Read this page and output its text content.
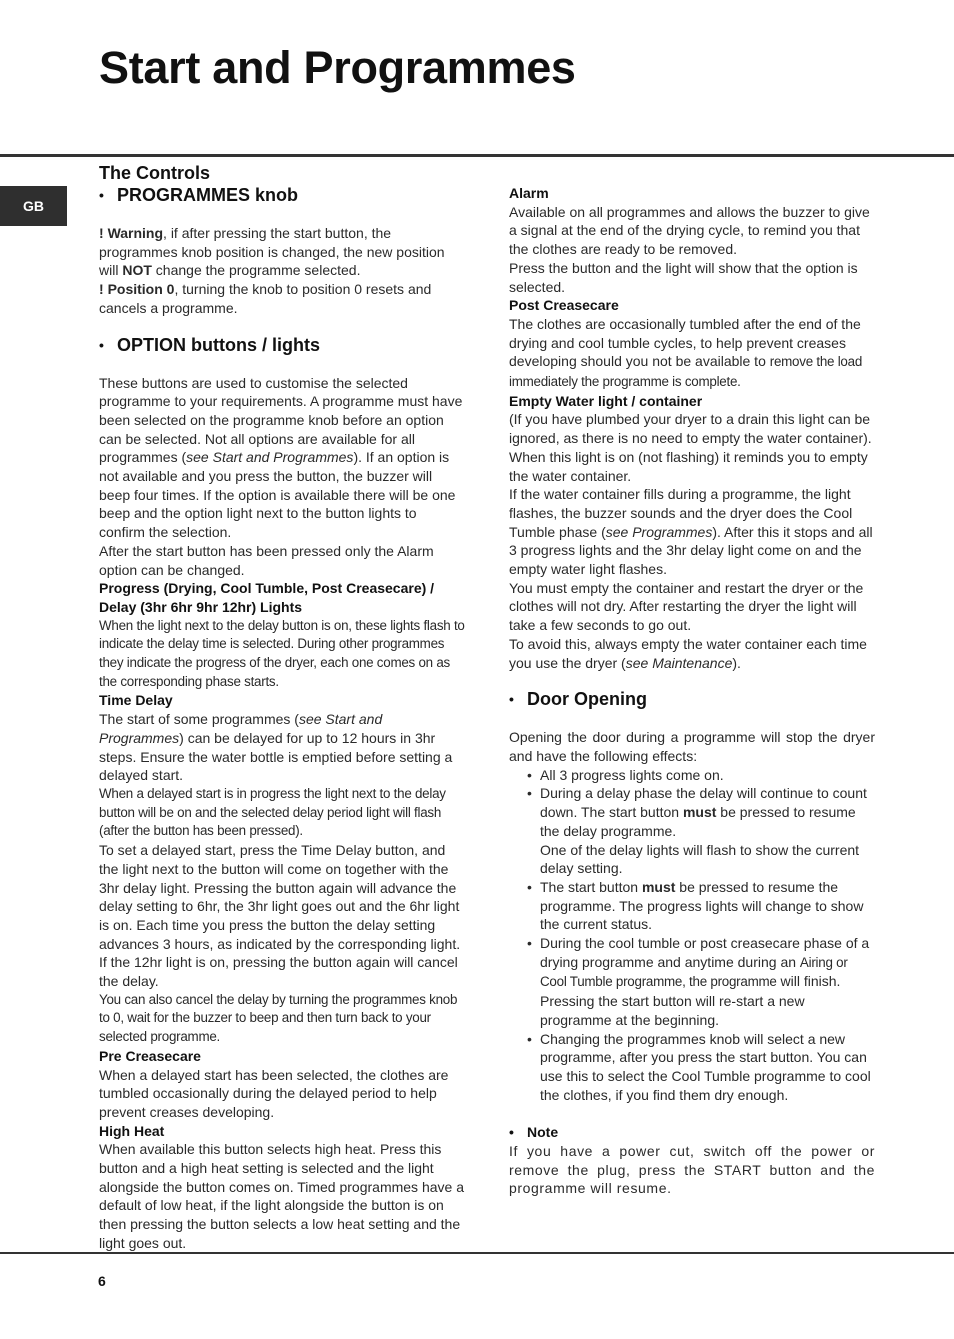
Start and Programmes
GB

The Controls

• PROGRAMMES knob

! Warning, if after pressing the start button, the programmes knob position is changed, the new position will NOT change the programme selected.

! Position 0, turning the knob to position 0 resets and cancels a programme.

• OPTION buttons / lights

These buttons are used to customise the selected programme to your requirements. A programme must have been selected on the programme knob before an option can be selected. Not all options are available for all programmes (see Start and Programmes). If an option is not available and you press the button, the buzzer will beep four times. If the option is available there will be one beep and the option light next to the button lights to confirm the selection.

After the start button has been pressed only the Alarm option can be changed.

Progress (Drying, Cool Tumble, Post Creasecare) / Delay (3hr 6hr 9hr 12hr) Lights

When the light next to the delay button is on, these lights flash to indicate the delay time is selected. During other programmes they indicate the progress of the dryer, each one comes on as the corresponding phase starts.

Time Delay

The start of some programmes (see Start and Programmes) can be delayed for up to 12 hours in 3hr steps. Ensure the water bottle is emptied before setting a delayed start.

When a delayed start is in progress the light next to the delay button will be on and the selected delay period light will flash (after the button has been pressed).

To set a delayed start, press the Time Delay button, and the light next to the button will come on together with the 3hr delay light. Pressing the button again will advance the delay setting to 6hr, the 3hr light goes out and the 6hr light is on. Each time you press the button the delay setting advances 3 hours, as indicated by the corresponding light. If the 12hr light is on, pressing the button again will cancel the delay.

You can also cancel the delay by turning the programmes knob to 0, wait for the buzzer to beep and then turn back to your selected programme.

Pre Creasecare

When a delayed start has been selected, the clothes are tumbled occasionally during the delayed period to help prevent creases developing.

High Heat

When available this button selects high heat. Press this button and a high heat setting is selected and the light alongside the button comes on. Timed programmes have a default of low heat, if the light alongside the button is on then pressing the button selects a low heat setting and the light goes out.

Alarm

Available on all programmes and allows the buzzer to give a signal at the end of the drying cycle, to remind you that the clothes are ready to be removed.

Press the button and the light will show that the option is selected.

Post Creasecare

The clothes are occasionally tumbled after the end of the drying and cool tumble cycles, to help prevent creases developing should you not be available to remove the load immediately the programme is complete.

Empty Water light / container

(If you have plumbed your dryer to a drain this light can be ignored, as there is no need to empty the water container).

When this light is on (not flashing) it reminds you to empty the water container.

If the water container fills during a programme, the light flashes, the buzzer sounds and the dryer does the Cool Tumble phase (see Programmes). After this it stops and all 3 progress lights and the 3hr delay light come on and the empty water light flashes.

You must empty the container and restart the dryer or the clothes will not dry. After restarting the dryer the light will take a few seconds to go out.

To avoid this, always empty the water container each time you use the dryer (see Maintenance).

• Door Opening

Opening the door during a programme will stop the dryer and have the following effects:

• All 3 progress lights come on.
• During a delay phase the delay will continue to count down. The start button must be pressed to resume the delay programme.
One of the delay lights will flash to show the current delay setting.
• The start button must be pressed to resume the programme. The progress lights will change to show the current status.
• During the cool tumble or post creasecare phase of a drying programme and anytime during an Airing or Cool Tumble programme, the programme will finish. Pressing the start button will re-start a new programme at the beginning.
• Changing the programmes knob will select a new programme, after you press the start button. You can use this to select the Cool Tumble programme to cool the clothes, if you find them dry enough.

• Note

If you have a power cut, switch off the power or remove the plug, press the START button and the programme will resume.

6
